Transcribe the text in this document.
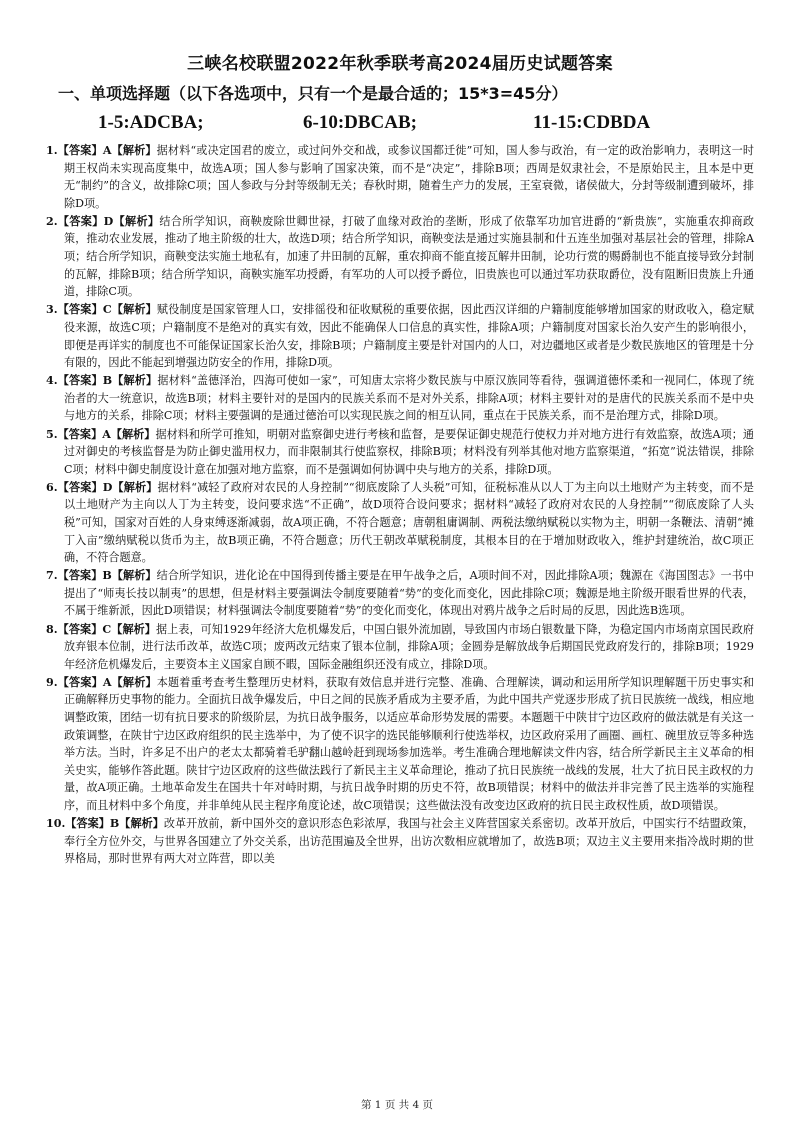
三峡名校联盟2022年秋季联考高2024届历史试题答案
一、单项选择题（以下各选项中，只有一个是最合适的；15*3=45分）
1-5:ADCBA;	6-10:DBCAB;	11-15:CDBDA

1.【答案】A【解析】据材料“或决定国君的废立，或过问外交和战，或参议国都迁徙”可知，国人参与政治，有一定的政治影响力，表明这一时期王权尚未实现高度集中，故选A项；国人参与影响了国家决策，而不是“决定”，排除B项；西周是奴隶社会，不是原始民主，且本是中更无“制约”的含义，故排除C项；国人参政与分封等级制无关；春秋时期，随着生产力的发展，王室衰微，诸侯做大，分封等级制遭到破坏，排除D项。

2.【答案】D【解析】结合所学知识，商鞅废除世卿世禄，打破了血缘对政治的垄断，形成了依靠军功加官进爵的“新贵族”，实施重农抑商政策，推动农业发展，推动了地主阶级的壮大，故选D项；结合所学知识，商鞅变法是通过实施县制和什五连坐加强对基层社会的管理，排除A项；结合所学知识，商鞅变法实施土地私有，加速了井田制的瓦解，重农抑商不能直接瓦解井田制，论功行赏的赐爵制也不能直接导致分封制的瓦解，排除B项；结合所学知识，商鞅实施军功授爵，有军功的人可以授予爵位，旧贵族也可以通过军功获取爵位，没有阻断旧贵族上升通道，排除C项。

3.【答案】C【解析】赋役制度是国家管理人口，安排徭役和征收赋税的重要依据，因此西汉详细的户籍制度能够增加国家的财政收入，稳定赋役来源，故选C项；户籍制度不是绝对的真实有效，因此不能确保人口信息的真实性，排除A项；户籍制度对国家长治久安产生的影响很小，即便是再详实的制度也不可能保证国家长治久安，排除B项；户籍制度主要是针对国内的人口，对边疆地区或者是少数民族地区的管理是十分有限的，因此不能起到增强边防安全的作用，排除D项。

4.【答案】B【解析】据材料“盖德泽治，四海可使如一家”，可知唐太宗将少数民族与中原汉族同等看待，强调道德怀柔和一视同仁，体现了统治者的大一统意识，故选B项；材料主要针对的是国内的民族关系而不是对外关系，排除A项；材料主要针对的是唐代的民族关系而不是中央与地方的关系，排除C项；材料主要强调的是通过德治可以实现民族之间的相互认同，重点在于民族关系，而不是治理方式，排除D项。

5.【答案】A【解析】据材料和所学可推知，明朝对监察御史进行考核和监督，是要保证御史规范行使权力并对地方进行有效监察，故选A项；通过对御史的考核监督是为防止御史滥用权力，而非限制其行使监察权，排除B项；材料没有列举其他对地方监察渠道，“拓宽”说法错误，排除C项；材料中御史制度设计意在加强对地方监察，而不是强调如何协调中央与地方的关系，排除D项。

6.【答案】D【解析】据材料“减轻了政府对农民的人身控制”“彻底废除了人头税”可知，征税标准从以人丁为主向以土地财产为主转变，而不是以土地财产为主向以人丁为主转变，设问要求选“不正确”，故D项符合设问要求；据材料“减轻了政府对农民的人身控制”“彻底废除了人头税”可知，国家对百姓的人身束缚逐渐减弱，故A项正确，不符合题意；唐朝租庸调制、两税法缴纳赋税以实物为主，明朝一条鞭法、清朝“摊丁入亩”缴纳赋税以货币为主，故B项正确，不符合题意；历代王朝改革赋税制度，其根本目的在于增加财政收入，维护封建统治，故C项正确，不符合题意。

7.【答案】B【解析】结合所学知识，进化论在中国得到传播主要是在甲午战争之后，A项时间不对，因此排除A项；魏源在《海国图志》一书中提出了“师夷长技以制夷”的思想，但是材料主要强调法令制度要随着“势”的变化而变化，因此排除C项；魏源是地主阶级开眼看世界的代表，不属于维新派，因此D项错误；材料强调法令制度要随着“势”的变化而变化，体现出对鸦片战争之后时局的反思，因此选B选项。

8.【答案】C【解析】据上表，可知1929年经济大危机爆发后，中国白银外流加剧，导致国内市场白银数量下降，为稳定国内市场南京国民政府放弃银本位制，进行法币改革，故选C项；废两改元结束了银本位制，排除A项；金圆券是解放战争后期国民党政府发行的，排除B项；1929年经济危机爆发后，主要资本主义国家自顾不暇，国际金融组织还没有成立，排除D项。

9.【答案】A【解析】本题着重考查考生整理历史材料，获取有效信息并进行完整、准确、合理解读，调动和运用所学知识理解题干历史事实和正确解释历史事物的能力。全面抗日战争爆发后，中日之间的民族矛盾成为主要矛盾，为此中国共产党逐步形成了抗日民族统一战线，相应地调整政策，团结一切有抗日要求的阶级阶层，为抗日战争服务，以适应革命形势发展的需要。本题题干中陕甘宁边区政府的做法就是有关这一政策调整，在陕甘宁边区政府组织的民主选举中，为了使不识字的选民能够顺利行使选举权，边区政府采用了画圈、画杠、碗里放豆等多种选举方法。当时，许多足不出户的老太太都骑着毛驴翻山越岭赶到现场参加选举。考生准确合理地解读文件内容，结合所学新民主主义革命的相关史实，能够作答此题。陕甘宁边区政府的这些做法践行了新民主主义革命理论，推动了抗日民族统一战线的发展，壮大了抗日民主政权的力量，故A项正确。土地革命发生在国共十年对峙时期，与抗日战争时期的历史不符，故B项错误；材料中的做法并非完善了民主选举的实施程序，而且材料中多个角度，并非单纯从民主程序角度论述，故C项错误；这些做法没有改变边区政府的抗日民主政权性质，故D项错误。

10.【答案】B【解析】改革开放前，新中国外交的意识形态色彩浓厚，我国与社会主义阵营国家关系密切。改革开放后，中国实行不结盟政策，奉行全方位外交，与世界各国建立了外交关系，出访范围遍及全世界，出访次数相应就增加了，故选B项；双边主义主要用来指冷战时期的世界格局，那时世界有两大对立阵营，即以美

第 1 页 共 4 页
